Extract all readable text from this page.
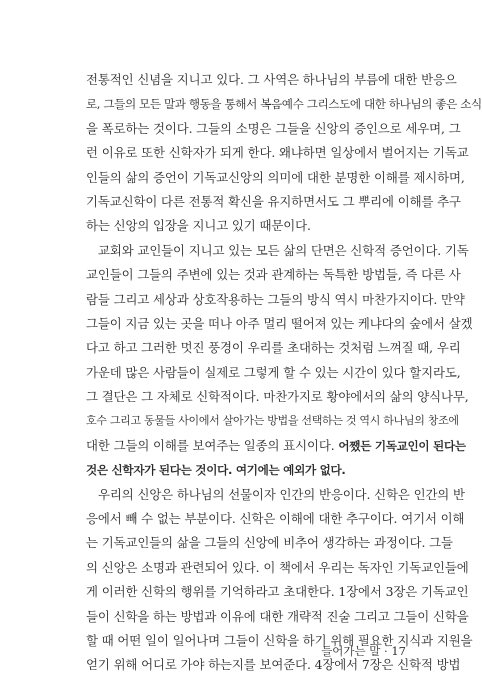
전통적인 신념을 지니고 있다. 그 사역은 하나님의 부름에 대한 반응으
로, 그들의 모든 말과 행동을 통해서 복음예수 그리스도에 대한 하나님의 좋은 소식
을 폭로하는 것이다. 그들의 소명은 그들을 신앙의 증인으로 세우며, 그
런 이유로 또한 신학자가 되게 한다. 왜냐하면 일상에서 벌어지는 기독교
인들의 삶의 증언이 기독교신앙의 의미에 대한 분명한 이해를 제시하며,
기독교신학이 다른 전통적 확신을 유지하면서도 그 뿌리에 이해를 추구
하는 신앙의 입장을 지니고 있기 때문이다.
교회와 교인들이 지니고 있는 모든 삶의 단면은 신학적 증언이다. 기독
교인들이 그들의 주변에 있는 것과 관계하는 독특한 방법들, 즉 다른 사
람들 그리고 세상과 상호작용하는 그들의 방식 역시 마찬가지이다. 만약
그들이 지금 있는 곳을 떠나 아주 멀리 떨어져 있는 케냐다의 숲에서 살겠
다고 하고 그러한 멋진 풍경이 우리를 초대하는 것처럼 느껴질 때, 우리
가운데 많은 사람들이 실제로 그렇게 할 수 있는 시간이 있다 할지라도,
그 결단은 그 자체로 신학적이다. 마찬가지로 황야에서의 삶의 양식나무,
호수 그리고 동물들 사이에서 살아가는 방법을 선택하는 것 역시 하나님의 창조에
대한 그들의 이해를 보여주는 일종의 표시이다. 어쨌든 기독교인이 된다는
것은 신학자가 된다는 것이다. 여기에는 예외가 없다.
우리의 신앙은 하나님의 선물이자 인간의 반응이다. 신학은 인간의 반
응에서 빼 수 없는 부분이다. 신학은 이해에 대한 추구이다. 여기서 이해
는 기독교인들의 삶을 그들의 신앙에 비추어 생각하는 과정이다. 그들
의 신앙은 소명과 관련되어 있다. 이 책에서 우리는 독자인 기독교인들에
게 이러한 신학의 행위를 기억하라고 초대한다. 1장에서 3장은 기독교인
들이 신학을 하는 방법과 이유에 대한 개략적 진술 그리고 그들이 신학을
할 때 어떤 일이 일어나며 그들이 신학을 하기 위해 필요한 지식과 지원을
얻기 위해 어디로 가야 하는지를 보여준다. 4장에서 7장은 신학적 방법
들어가는 말 · 17
